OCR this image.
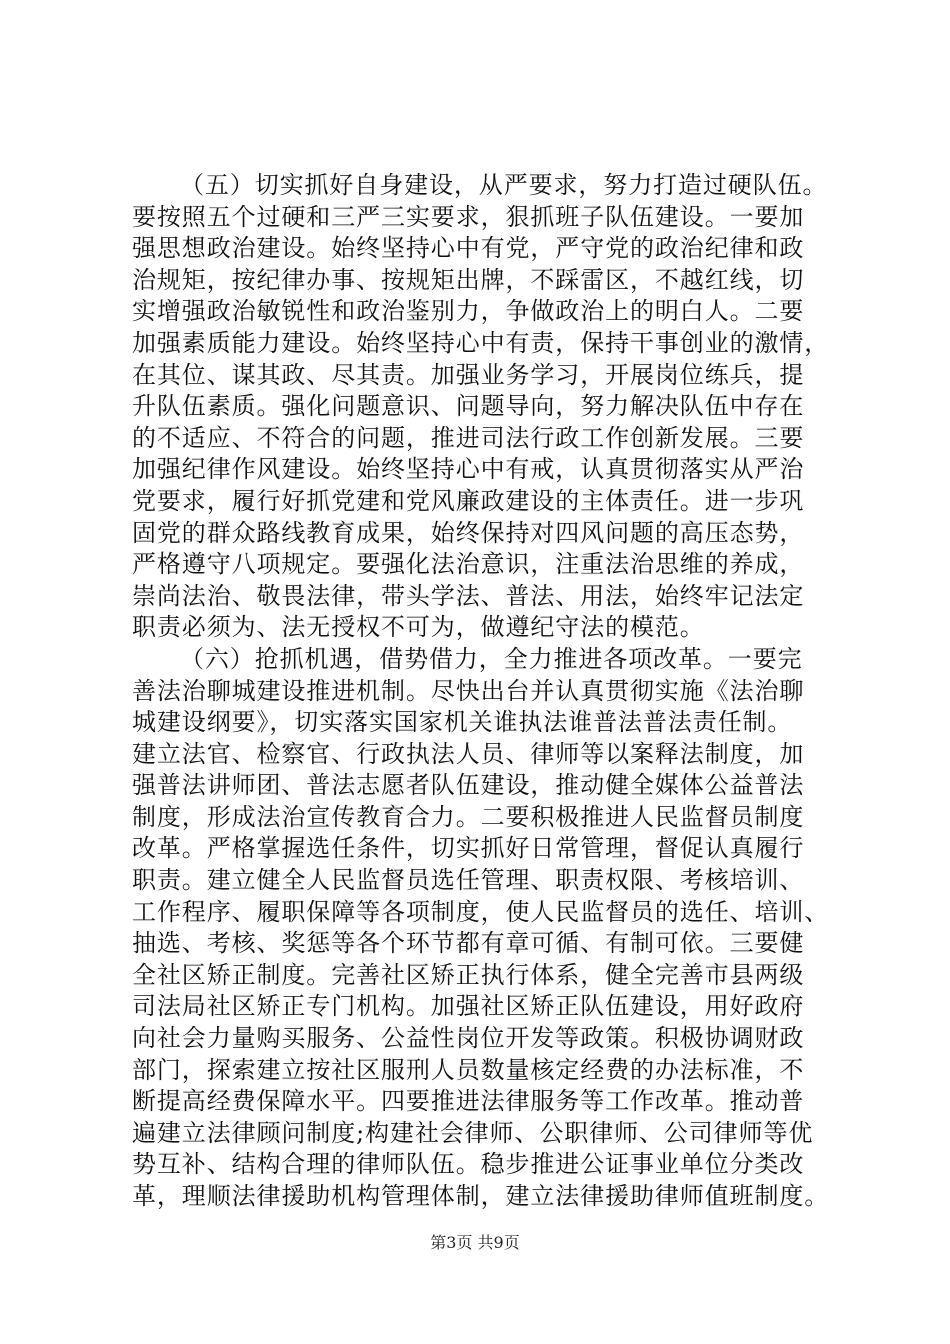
（五）切实抓好自身建设，从严要求，努力打造过硬队伍。
要按照五个过硬和三严三实要求，狠抓班子队伍建设。一要加
强思想政治建设。始终坚持心中有党，严守党的政治纪律和政
治规矩，按纪律办事、按规矩出牌，不踩雷区，不越红线，切
实增强政治敏锐性和政治鉴别力，争做政治上的明白人。二要
加强素质能力建设。始终坚持心中有责，保持干事创业的激情，
在其位、谋其政、尽其责。加强业务学习，开展岗位练兵，提
升队伍素质。强化问题意识、问题导向，努力解决队伍中存在
的不适应、不符合的问题，推进司法行政工作创新发展。三要
加强纪律作风建设。始终坚持心中有戒，认真贯彻落实从严治
党要求，履行好抓党建和党风廉政建设的主体责任。进一步巩
固党的群众路线教育成果，始终保持对四风问题的高压态势，
严格遵守八项规定。要强化法治意识，注重法治思维的养成，
崇尚法治、敬畏法律，带头学法、普法、用法，始终牢记法定
职责必须为、法无授权不可为，做遵纪守法的模范。
（六）抢抓机遇，借势借力，全力推进各项改革。一要完
善法治聊城建设推进机制。尽快出台并认真贯彻实施《法治聊
城建设纲要》，切实落实国家机关谁执法谁普法普法责任制。
建立法官、检察官、行政执法人员、律师等以案释法制度，加
强普法讲师团、普法志愿者队伍建设，推动健全媒体公益普法
制度，形成法治宣传教育合力。二要积极推进人民监督员制度
改革。严格掌握选任条件，切实抓好日常管理，督促认真履行
职责。建立健全人民监督员选任管理、职责权限、考核培训、
工作程序、履职保障等各项制度，使人民监督员的选任、培训、
抽选、考核、奖惩等各个环节都有章可循、有制可依。三要健
全社区矫正制度。完善社区矫正执行体系，健全完善市县两级
司法局社区矫正专门机构。加强社区矫正队伍建设，用好政府
向社会力量购买服务、公益性岗位开发等政策。积极协调财政
部门，探索建立按社区服刑人员数量核定经费的办法标准，不
断提高经费保障水平。四要推进法律服务等工作改革。推动普
遍建立法律顾问制度;构建社会律师、公职律师、公司律师等优
势互补、结构合理的律师队伍。稳步推进公证事业单位分类改
革，理顺法律援助机构管理体制，建立法律援助律师值班制度。
第3页 共9页
